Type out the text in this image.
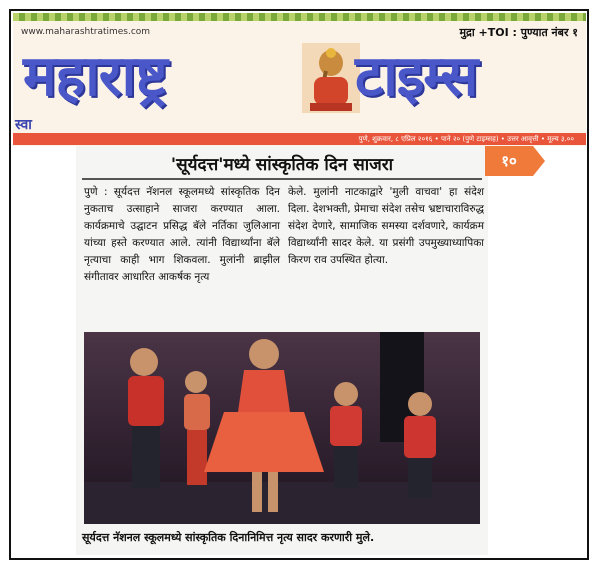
www.maharashtratimes.com	मुद्रा +TOI : पुण्यात नंबर १
महाराष्ट्र	टाइम्स
स्वा
पुणे, शुक्रवार, ८ एप्रिल २०१६ • पाने २० (पुणे टाइम्सह) • उत्तर आवृत्ती • मूल्य ३.००
'सूर्यदत्त'मध्ये सांस्कृतिक दिन साजरा
पुणे : सूर्यदत्त नॅशनल स्कूलमध्ये सांस्कृतिक दिन नुकताच उत्साहाने साजरा करण्यात आला. कार्यक्रमाचे उद्घाटन प्रसिद्ध बॅले नर्तिका जुलिआना यांच्या हस्ते करण्यात आले. त्यांनी विद्यार्थ्यांना बॅले नृत्याचा काही भाग शिकवला. मुलांनी ब्राझील संगीतावर आधारित आकर्षक नृत्य
केले. मुलांनी नाटकाद्वारे 'मुली वाचवा' हा संदेश दिला. देशभक्ती, प्रेमाचा संदेश तसेच भ्रष्टाचाराविरुद्ध संदेश देणारे, सामाजिक समस्या दर्शवणारे, कार्यक्रम विद्यार्थ्यांनी सादर केले. या प्रसंगी उपमुख्याध्यापिका किरण राव उपस्थित होत्या.
सूर्यदत्त नॅशनल स्कूलमध्ये सांस्कृतिक दिनानिमित्त नृत्य सादर करणारी मुले.
१०
